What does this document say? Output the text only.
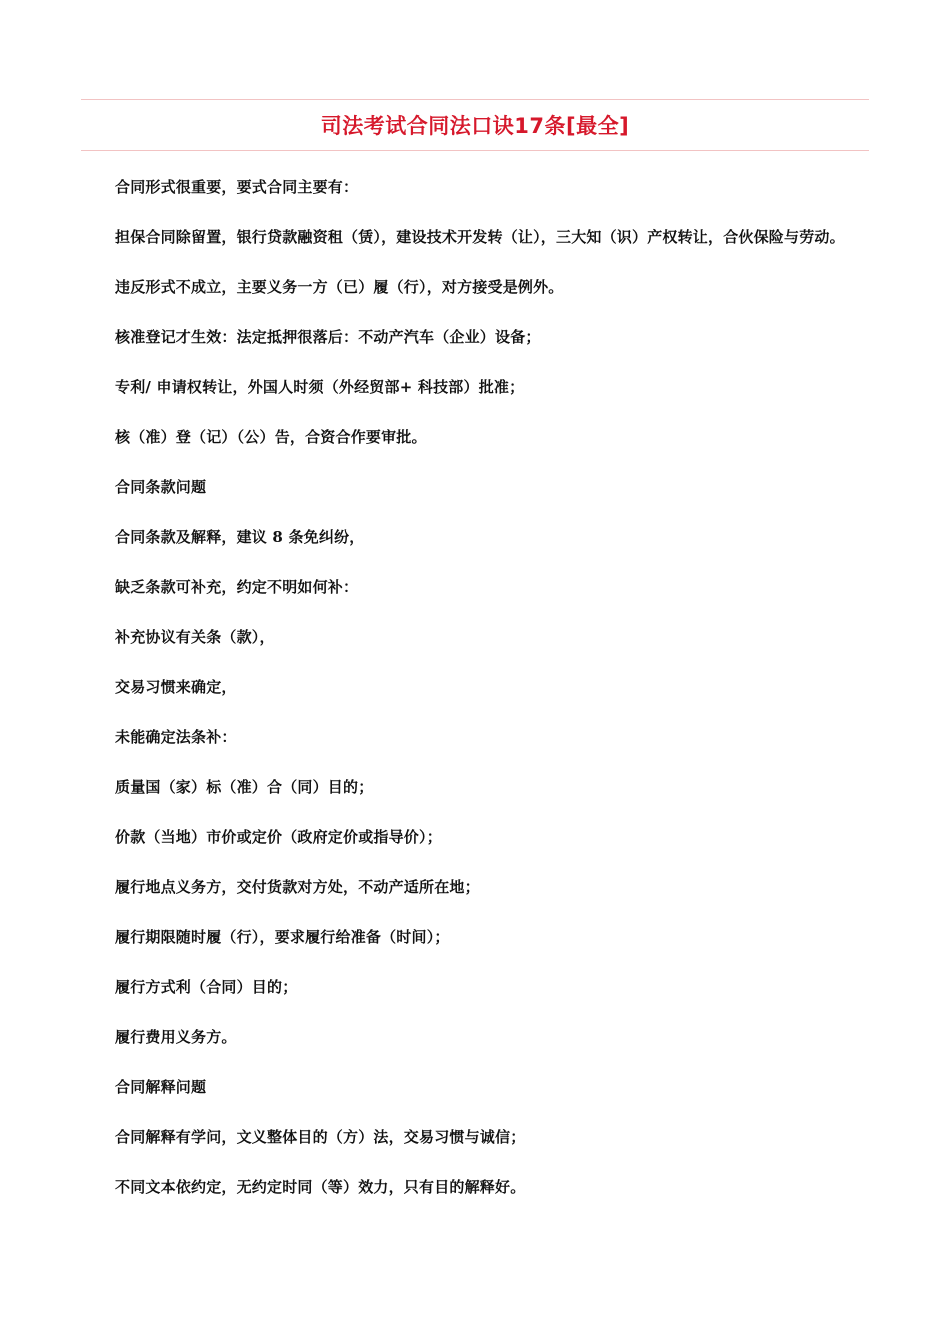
司法考试合同法口诀17条[最全]

合同形式很重要，要式合同主要有：

担保合同除留置，银行贷款融资租（赁），建设技术开发转（让），三大知（识）产权转让，合伙保险与劳动。

违反形式不成立，主要义务一方（已）履（行），对方接受是例外。

核准登记才生效：法定抵押很落后：不动产汽车（企业）设备；

专利/ 申请权转让，外国人时须（外经贸部+ 科技部）批准；

核（准）登（记）（公）告，合资合作要审批。

合同条款问题

合同条款及解释，建议 8 条免纠纷，

缺乏条款可补充，约定不明如何补：

补充协议有关条（款），

交易习惯来确定，

未能确定法条补：

质量国（家）标（准）合（同）目的；

价款（当地）市价或定价（政府定价或指导价）；

履行地点义务方，交付货款对方处，不动产适所在地；

履行期限随时履（行），要求履行给准备（时间）；

履行方式利（合同）目的；

履行费用义务方。

合同解释问题

合同解释有学问，文义整体目的（方）法，交易习惯与诚信；

不同文本依约定，无约定时同（等）效力，只有目的解释好。
